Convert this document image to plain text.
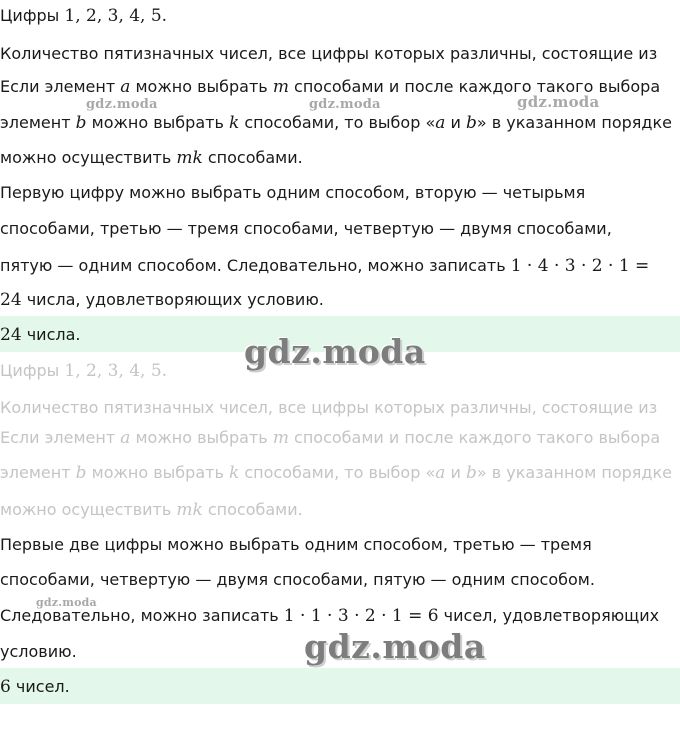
Цифры 1, 2, 3, 4, 5.
Количество пятизначных чисел, все цифры которых различны, состоящие из
Если элемент a можно выбрать m способами и после каждого такого выбора
элемент b можно выбрать k способами, то выбор «a и b» в указанном порядке
можно осуществить mk способами.
Первую цифру можно выбрать одним способом, вторую — четырьмя
способами, третью — тремя способами, четвертую — двумя способами,
пятую — одним способом. Следовательно, можно записать 1 · 4 · 3 · 2 · 1 =
24 числа, удовлетворяющих условию.
24 числа.
Цифры 1, 2, 3, 4, 5.
Количество пятизначных чисел, все цифры которых различны, состоящие из
Если элемент a можно выбрать m способами и после каждого такого выбора
элемент b можно выбрать k способами, то выбор «a и b» в указанном порядке
можно осуществить mk способами.
Первые две цифры можно выбрать одним способом, третью — тремя
способами, четвертую — двумя способами, пятую — одним способом.
Следовательно, можно записать 1 · 1 · 3 · 2 · 1 = 6 чисел, удовлетворяющих
условию.
6 чисел.
gdz.moda	gdz.moda	gdz.moda
gdz.moda
gdz.moda
gdz.moda
